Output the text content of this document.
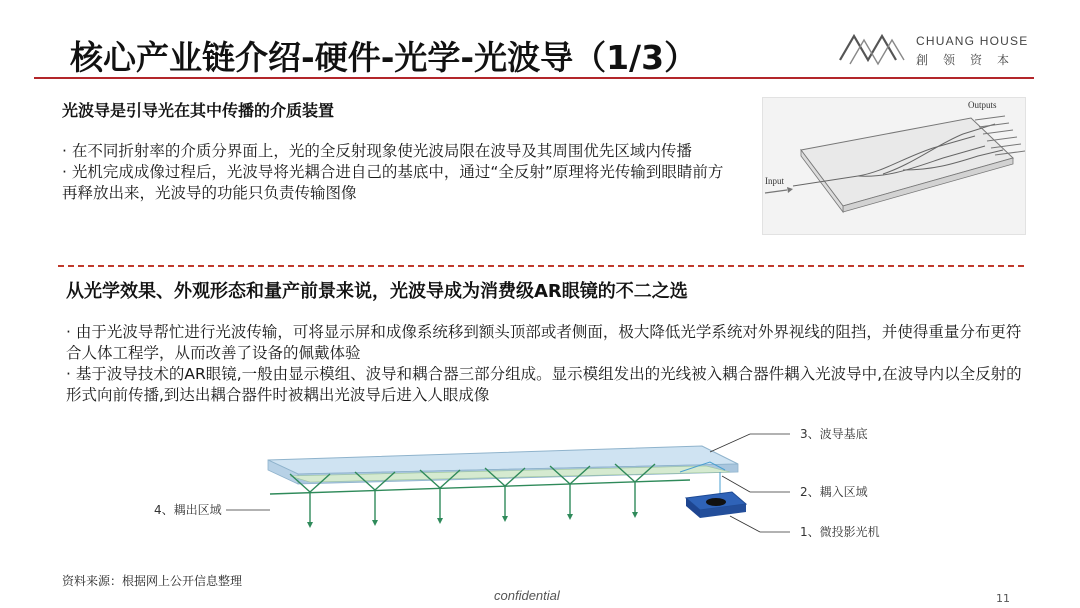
核心产业链介绍-硬件-光学-光波导（1/3）	CHUANG HOUSE
創领资本
光波导是引导光在其中传播的介质装置

· 在不同折射率的介质分界面上，光的全反射现象使光波局限在波导及其周围优先区域内传播

· 光机完成成像过程后，光波导将光耦合进自己的基底中，通过“全反射”原理将光传输到眼睛前方再释放出来，光波导的功能只负责传输图像

Input
Outputs
从光学效果、外观形态和量产前景来说，光波导成为消费级AR眼镜的不二之选

· 由于光波导帮忙进行光波传输，可将显示屏和成像系统移到额头顶部或者侧面，极大降低光学系统对外界视线的阻挡，并使得重量分布更符合人体工程学，从而改善了设备的佩戴体验

· 基于波导技术的AR眼镜,一般由显示模组、波导和耦合器三部分组成。显示模组发出的光线被入耦合器件耦入光波导中,在波导内以全反射的形式向前传播,到达出耦合器件时被耦出光波导后进入人眼成像

3、波导基底
2、耦入区域
1、微投影光机
4、耦出区域
资料来源：根据网上公开信息整理
confidential	11
